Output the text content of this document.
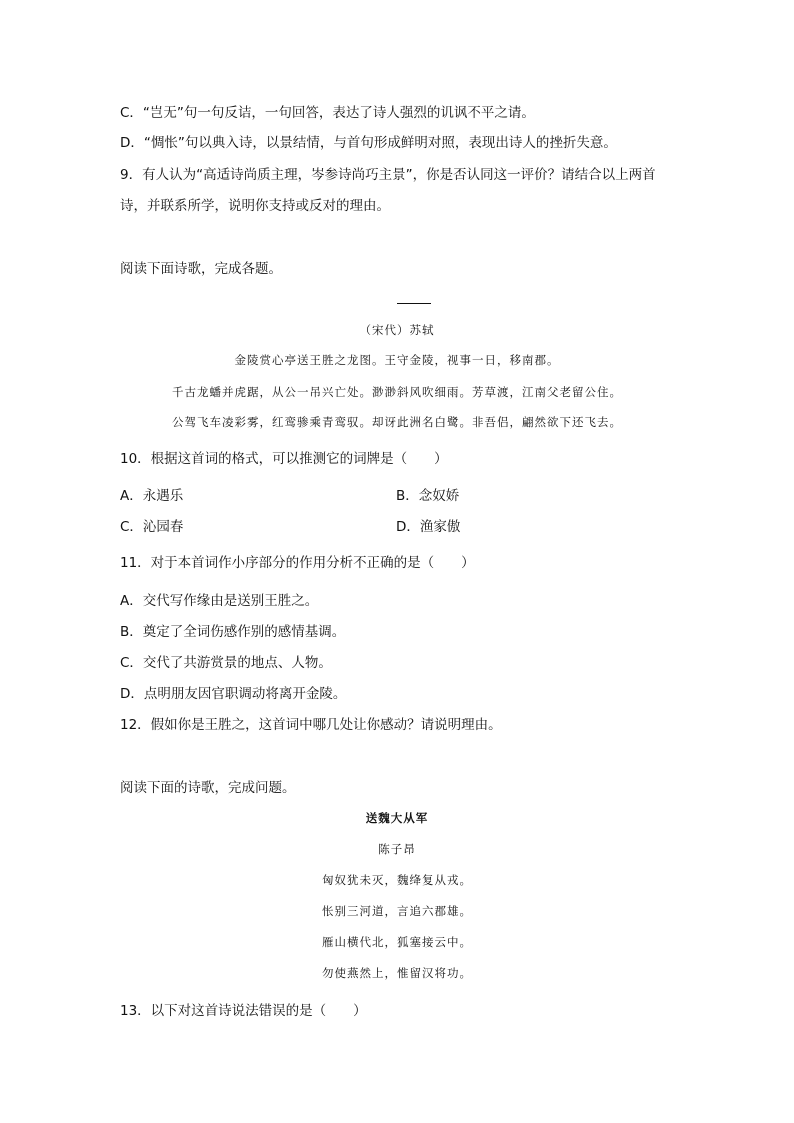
C．“岂无”句一句反诘，一句回答，表达了诗人强烈的讥讽不平之请。
D．“惆怅”句以典入诗，以景结情，与首句形成鲜明对照，表现出诗人的挫折失意。
9．有人认为“高适诗尚质主理，岑参诗尚巧主景”，你是否认同这一评价？请结合以上两首
诗，并联系所学，说明你支持或反对的理由。
阅读下面诗歌，完成各题。
（宋代）苏轼
金陵赏心亭送王胜之龙图。王守金陵，视事一日，移南郡。
千古龙蟠并虎踞，从公一吊兴亡处。渺渺斜风吹细雨。芳草渡，江南父老留公住。
公驾飞车凌彩雾，红鸾骖乘青鸾驭。却讶此洲名白鹭。非吾侣，翩然欲下还飞去。
10．根据这首词的格式，可以推测它的词牌是（　　）
A．永遇乐	B．念奴娇
C．沁园春	D．渔家傲
11．对于本首词作小序部分的作用分析不正确的是（　　）
A．交代写作缘由是送别王胜之。
B．奠定了全词伤感作别的感情基调。
C．交代了共游赏景的地点、人物。
D．点明朋友因官职调动将离开金陵。
12．假如你是王胜之，这首词中哪几处让你感动？请说明理由。
阅读下面的诗歌，完成问题。
送魏大从军
陈子昂
匈奴犹未灭，魏绛复从戎。
怅别三河道，言追六郡雄。
雁山横代北，狐塞接云中。
勿使燕然上，惟留汉将功。
13．以下对这首诗说法错误的是（　　）
